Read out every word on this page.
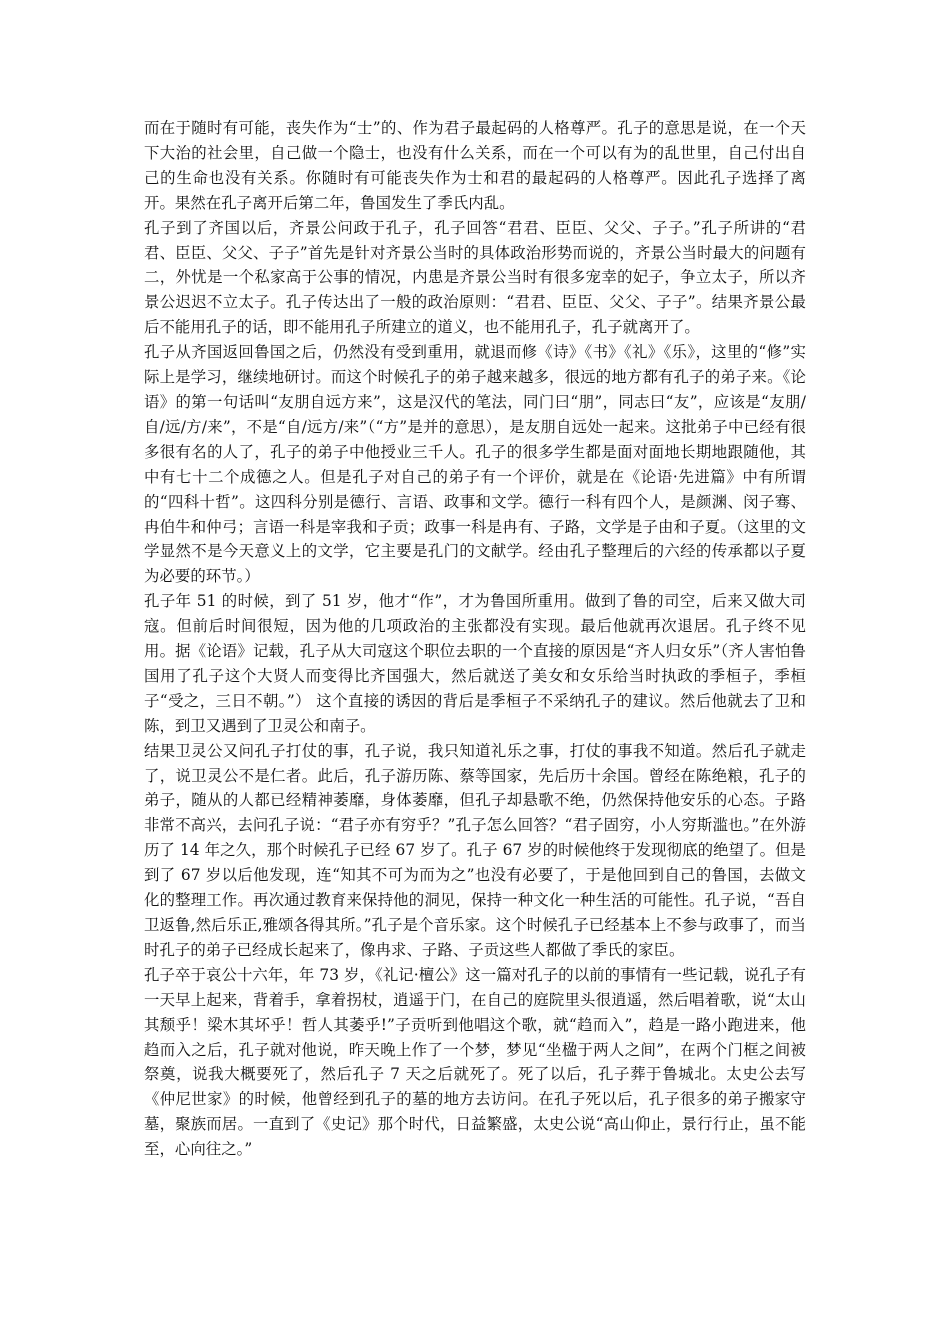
而在于随时有可能，丧失作为“士”的、作为君子最起码的人格尊严。孔子的意思是说，在一个天下大治的社会里，自己做一个隐士，也没有什么关系，而在一个可以有为的乱世里，自己付出自己的生命也没有关系。你随时有可能丧失作为士和君的最起码的人格尊严。因此孔子选择了离开。果然在孔子离开后第二年，鲁国发生了季氏内乱。

孔子到了齐国以后，齐景公问政于孔子，孔子回答“君君、臣臣、父父、子子。”孔子所讲的“君君、臣臣、父父、子子”首先是针对齐景公当时的具体政治形势而说的，齐景公当时最大的问题有二，外忧是一个私家高于公事的情况，内患是齐景公当时有很多宠幸的妃子，争立太子，所以齐景公迟迟不立太子。孔子传达出了一般的政治原则：“君君、臣臣、父父、子子”。结果齐景公最后不能用孔子的话，即不能用孔子所建立的道义，也不能用孔子，孔子就离开了。

孔子从齐国返回鲁国之后，仍然没有受到重用，就退而修《诗》《书》《礼》《乐》，这里的“修”实际上是学习，继续地研讨。而这个时候孔子的弟子越来越多，很远的地方都有孔子的弟子来。《论语》的第一句话叫“友朋自远方来”，这是汉代的笔法，同门曰“朋”，同志曰“友”，应该是“友朋/自/远/方/来”，不是“自/远方/来”（“方”是并的意思），是友朋自远处一起来。这批弟子中已经有很多很有名的人了，孔子的弟子中他授业三千人。孔子的很多学生都是面对面地长期地跟随他，其中有七十二个成德之人。但是孔子对自己的弟子有一个评价，就是在《论语·先进篇》中有所谓的“四科十哲”。这四科分别是德行、言语、政事和文学。德行一科有四个人，是颜渊、闵子骞、冉伯牛和仲弓；言语一科是宰我和子贡；政事一科是冉有、子路，文学是子由和子夏。（这里的文学显然不是今天意义上的文学，它主要是孔门的文献学。经由孔子整理后的六经的传承都以子夏为必要的环节。）

孔子年 51 的时候，到了 51 岁，他才“作”，才为鲁国所重用。做到了鲁的司空，后来又做大司寇。但前后时间很短，因为他的几项政治的主张都没有实现。最后他就再次退居。孔子终不见用。据《论语》记载，孔子从大司寇这个职位去职的一个直接的原因是“齐人归女乐”（齐人害怕鲁国用了孔子这个大贤人而变得比齐国强大，然后就送了美女和女乐给当时执政的季桓子，季桓子“受之，三日不朝。”） 这个直接的诱因的背后是季桓子不采纳孔子的建议。然后他就去了卫和陈，到卫又遇到了卫灵公和南子。

结果卫灵公又问孔子打仗的事，孔子说，我只知道礼乐之事，打仗的事我不知道。然后孔子就走了，说卫灵公不是仁者。此后，孔子游历陈、蔡等国家，先后历十余国。曾经在陈绝粮，孔子的弟子，随从的人都已经精神萎靡，身体萎靡，但孔子却悬歌不绝，仍然保持他安乐的心态。子路非常不高兴，去问孔子说：“君子亦有穷乎？”孔子怎么回答？“君子固穷，小人穷斯滥也。”在外游历了 14 年之久，那个时候孔子已经 67 岁了。孔子 67 岁的时候他终于发现彻底的绝望了。但是到了 67 岁以后他发现，连“知其不可为而为之”也没有必要了，于是他回到自己的鲁国，去做文化的整理工作。再次通过教育来保持他的洞见，保持一种文化一种生活的可能性。孔子说，“吾自卫返鲁,然后乐正,雅颂各得其所。”孔子是个音乐家。这个时候孔子已经基本上不参与政事了，而当时孔子的弟子已经成长起来了，像冉求、子路、子贡这些人都做了季氏的家臣。

孔子卒于哀公十六年，年 73 岁，《礼记·檀公》这一篇对孔子的以前的事情有一些记载，说孔子有一天早上起来，背着手，拿着拐杖，逍遥于门，在自己的庭院里头很逍遥，然后唱着歌，说“太山其颓乎！梁木其坏乎！哲人其萎乎!”子贡听到他唱这个歌，就“趋而入”，趋是一路小跑进来，他趋而入之后，孔子就对他说，昨天晚上作了一个梦，梦见“坐楹于两人之间”，在两个门框之间被祭奠，说我大概要死了，然后孔子 7 天之后就死了。死了以后，孔子葬于鲁城北。太史公去写《仲尼世家》的时候，他曾经到孔子的墓的地方去访问。在孔子死以后，孔子很多的弟子搬家守墓，聚族而居。一直到了《史记》那个时代，日益繁盛，太史公说“高山仰止，景行行止，虽不能至，心向往之。”
